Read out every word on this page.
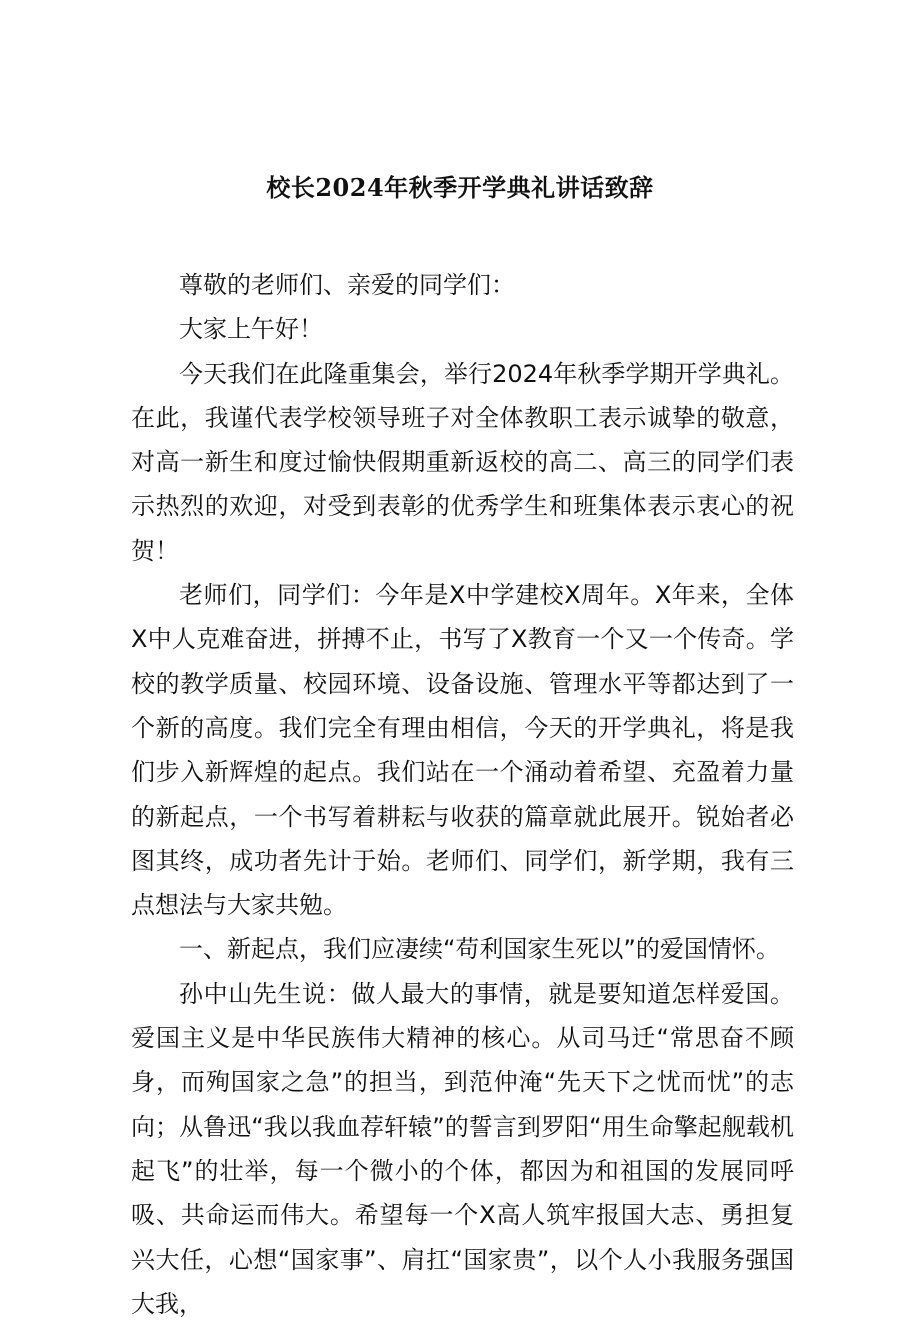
校长2024年秋季开学典礼讲话致辞

尊敬的老师们、亲爱的同学们：

大家上午好！

今天我们在此隆重集会，举行2024年秋季学期开学典礼。在此，我谨代表学校领导班子对全体教职工表示诚挚的敬意，对高一新生和度过愉快假期重新返校的高二、高三的同学们表示热烈的欢迎，对受到表彰的优秀学生和班集体表示衷心的祝贺！

老师们，同学们：今年是X中学建校X周年。X年来，全体X中人克难奋进，拼搏不止，书写了X教育一个又一个传奇。学校的教学质量、校园环境、设备设施、管理水平等都达到了一个新的高度。我们完全有理由相信，今天的开学典礼，将是我们步入新辉煌的起点。我们站在一个涌动着希望、充盈着力量的新起点，一个书写着耕耘与收获的篇章就此展开。锐始者必图其终，成功者先计于始。老师们、同学们，新学期，我有三点想法与大家共勉。

一、新起点，我们应凄续“苟利国家生死以”的爱国情怀。

孙中山先生说：做人最大的事情，就是要知道怎样爱国。爱国主义是中华民族伟大精神的核心。从司马迁“常思奋不顾身，而殉国家之急”的担当，到范仲淹“先天下之忧而忧”的志向；从鲁迅“我以我血荐轩辕”的誓言到罗阳“用生命擎起舰载机起飞”的壮举，每一个微小的个体，都因为和祖国的发展同呼吸、共命运而伟大。希望每一个X高人筑牢报国大志、勇担复兴大任，心想“国家事”、肩扛“国家贵”，以个人小我服务强国大我，
